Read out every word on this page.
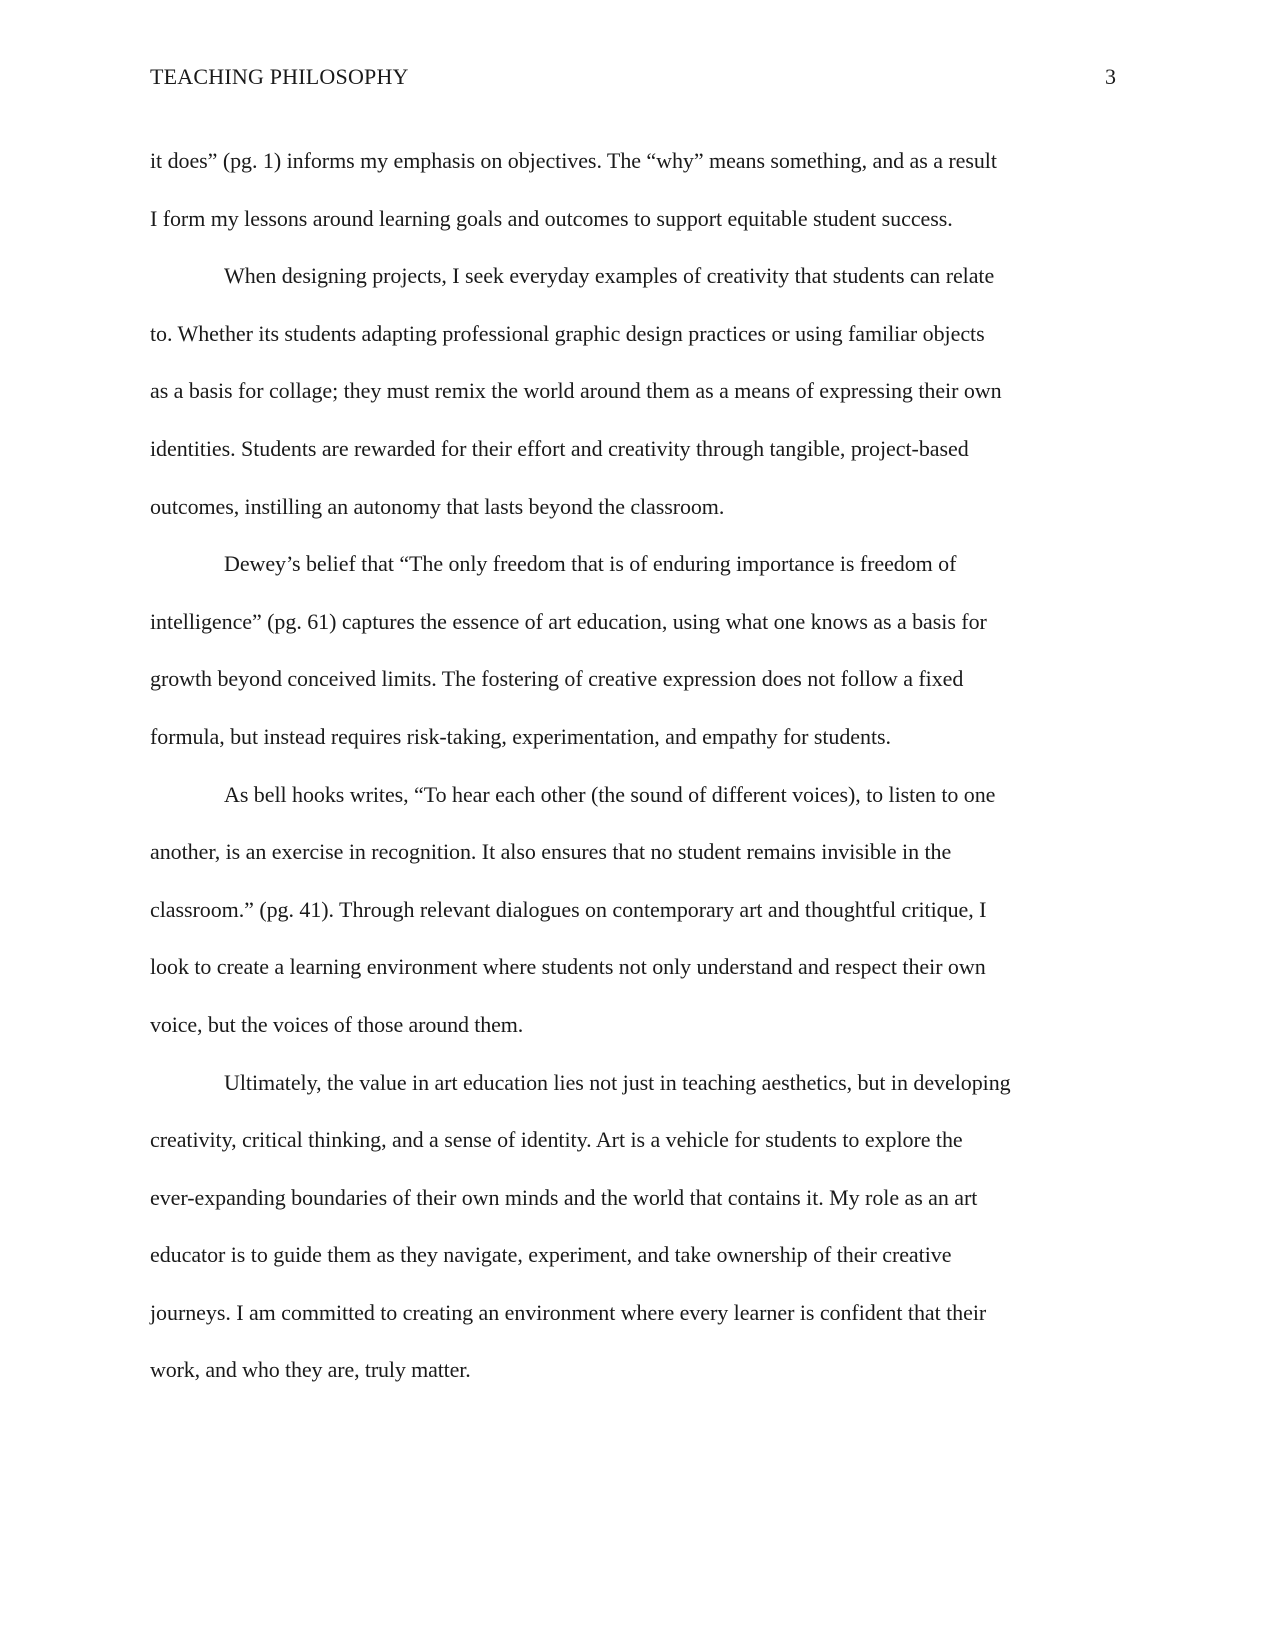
TEACHING PHILOSOPHY	3
it does” (pg. 1) informs my emphasis on objectives. The “why” means something, and as a result
I form my lessons around learning goals and outcomes to support equitable student success.
When designing projects, I seek everyday examples of creativity that students can relate
to. Whether its students adapting professional graphic design practices or using familiar objects
as a basis for collage; they must remix the world around them as a means of expressing their own
identities. Students are rewarded for their effort and creativity through tangible, project-based
outcomes, instilling an autonomy that lasts beyond the classroom.
Dewey’s belief that “The only freedom that is of enduring importance is freedom of
intelligence” (pg. 61) captures the essence of art education, using what one knows as a basis for
growth beyond conceived limits. The fostering of creative expression does not follow a fixed
formula, but instead requires risk-taking, experimentation, and empathy for students.
As bell hooks writes, “To hear each other (the sound of different voices), to listen to one
another, is an exercise in recognition. It also ensures that no student remains invisible in the
classroom.” (pg. 41). Through relevant dialogues on contemporary art and thoughtful critique, I
look to create a learning environment where students not only understand and respect their own
voice, but the voices of those around them.
Ultimately, the value in art education lies not just in teaching aesthetics, but in developing
creativity, critical thinking, and a sense of identity. Art is a vehicle for students to explore the
ever-expanding boundaries of their own minds and the world that contains it. My role as an art
educator is to guide them as they navigate, experiment, and take ownership of their creative
journeys. I am committed to creating an environment where every learner is confident that their
work, and who they are, truly matter.
